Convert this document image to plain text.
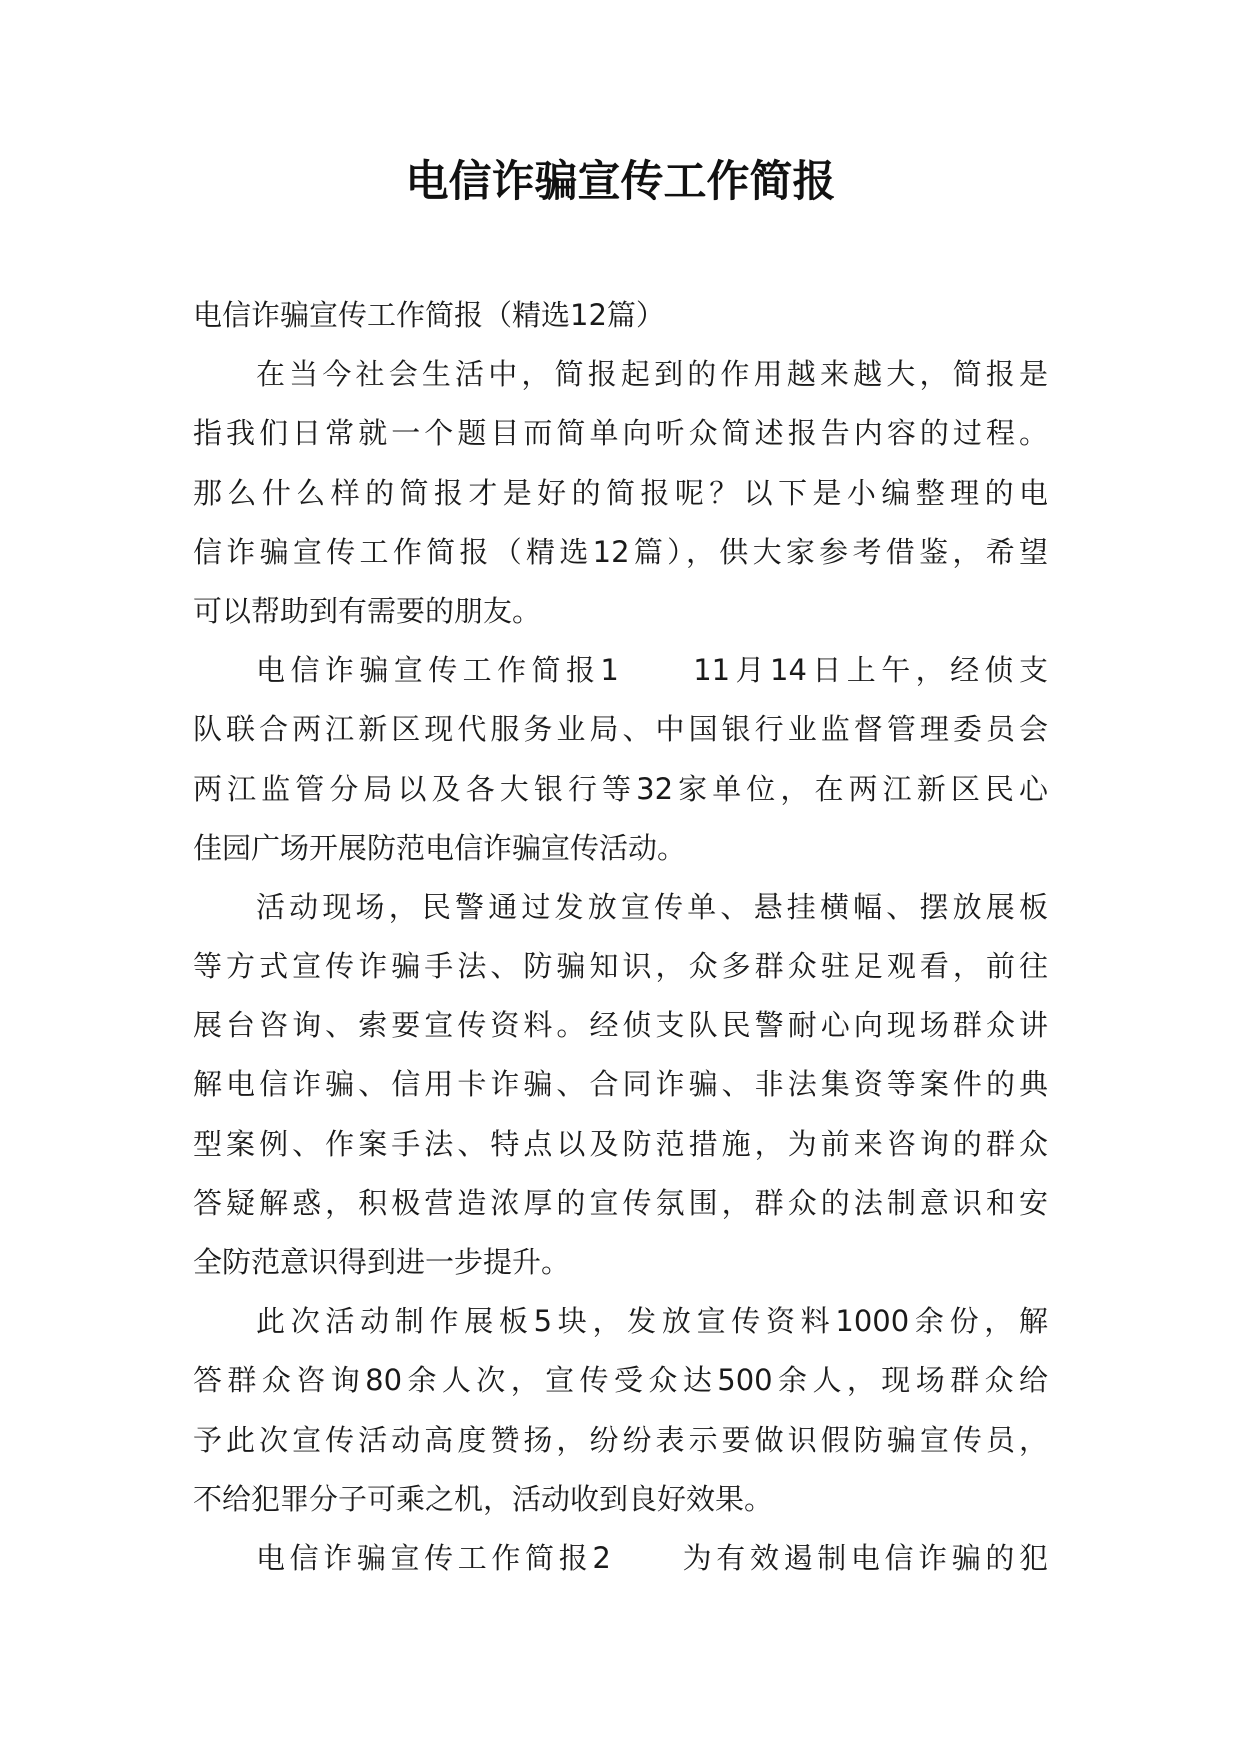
电信诈骗宣传工作简报
电信诈骗宣传工作简报（精选12篇）
在当今社会生活中，简报起到的作用越来越大，简报是
指我们日常就一个题目而简单向听众简述报告内容的过程。
那么什么样的简报才是好的简报呢？以下是小编整理的电
信诈骗宣传工作简报（精选12篇），供大家参考借鉴，希望
可以帮助到有需要的朋友。
电信诈骗宣传工作简报1　　11月14日上午，经侦支
队联合两江新区现代服务业局、中国银行业监督管理委员会
两江监管分局以及各大银行等32家单位，在两江新区民心
佳园广场开展防范电信诈骗宣传活动。
活动现场，民警通过发放宣传单、悬挂横幅、摆放展板
等方式宣传诈骗手法、防骗知识，众多群众驻足观看，前往
展台咨询、索要宣传资料。经侦支队民警耐心向现场群众讲
解电信诈骗、信用卡诈骗、合同诈骗、非法集资等案件的典
型案例、作案手法、特点以及防范措施，为前来咨询的群众
答疑解惑，积极营造浓厚的宣传氛围，群众的法制意识和安
全防范意识得到进一步提升。
此次活动制作展板5块，发放宣传资料1000余份，解
答群众咨询80余人次，宣传受众达500余人，现场群众给
予此次宣传活动高度赞扬，纷纷表示要做识假防骗宣传员，
不给犯罪分子可乘之机，活动收到良好效果。
电信诈骗宣传工作简报2　　为有效遏制电信诈骗的犯
